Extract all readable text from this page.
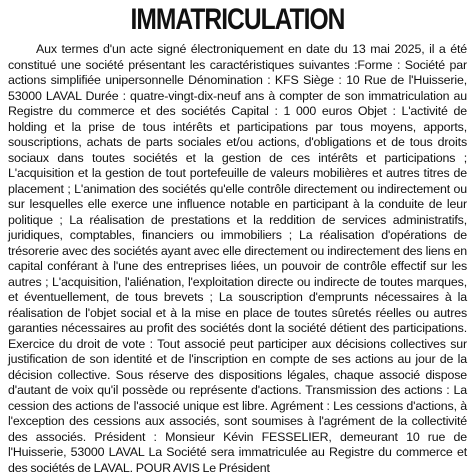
IMMATRICULATION

Aux termes d'un acte signé électroniquement en date du 13 mai 2025, il a été constitué une société présentant les caractéristiques suivantes :Forme : Société par actions simplifiée unipersonnelle Dénomination : KFS Siège : 10 Rue de l'Huisserie, 53000 LAVAL Durée : quatre-vingt-dix-neuf ans à compter de son immatriculation au Registre du commerce et des sociétés Capital : 1 000 euros Objet : L'activité de holding et la prise de tous intérêts et participations par tous moyens, apports, souscriptions, achats de parts sociales et/ou actions, d'obligations et de tous droits sociaux dans toutes sociétés et la gestion de ces intérêts et participations ; L'acquisition et la gestion de tout portefeuille de valeurs mobilières et autres titres de placement ; L'animation des sociétés qu'elle contrôle directement ou indirectement ou sur lesquelles elle exerce une influence notable en participant à la conduite de leur politique ; La réalisation de prestations et la reddition de services administratifs, juridiques, comptables, financiers ou immobiliers ; La réalisation d'opérations de trésorerie avec des sociétés ayant avec elle directement ou indirectement des liens en capital conférant à l'une des entreprises liées, un pouvoir de contrôle effectif sur les autres ; L'acquisition, l'aliénation, l'exploitation directe ou indirecte de toutes marques, et éventuellement, de tous brevets ; La souscription d'emprunts nécessaires à la réalisation de l'objet social et à la mise en place de toutes sûretés réelles ou autres garanties nécessaires au profit des sociétés dont la société détient des participations. Exercice du droit de vote : Tout associé peut participer aux décisions collectives sur justification de son identité et de l'inscription en compte de ses actions au jour de la décision collective. Sous réserve des dispositions légales, chaque associé dispose d'autant de voix qu'il possède ou représente d'actions. Transmission des actions : La cession des actions de l'associé unique est libre. Agrément : Les cessions d'actions, à l'exception des cessions aux associés, sont soumises à l'agrément de la collectivité des associés. Président : Monsieur Kévin FESSELIER, demeurant 10 rue de l'Huisserie, 53000 LAVAL La Société sera immatriculée au Registre du commerce et des sociétés de LAVAL. POUR AVIS Le Président
